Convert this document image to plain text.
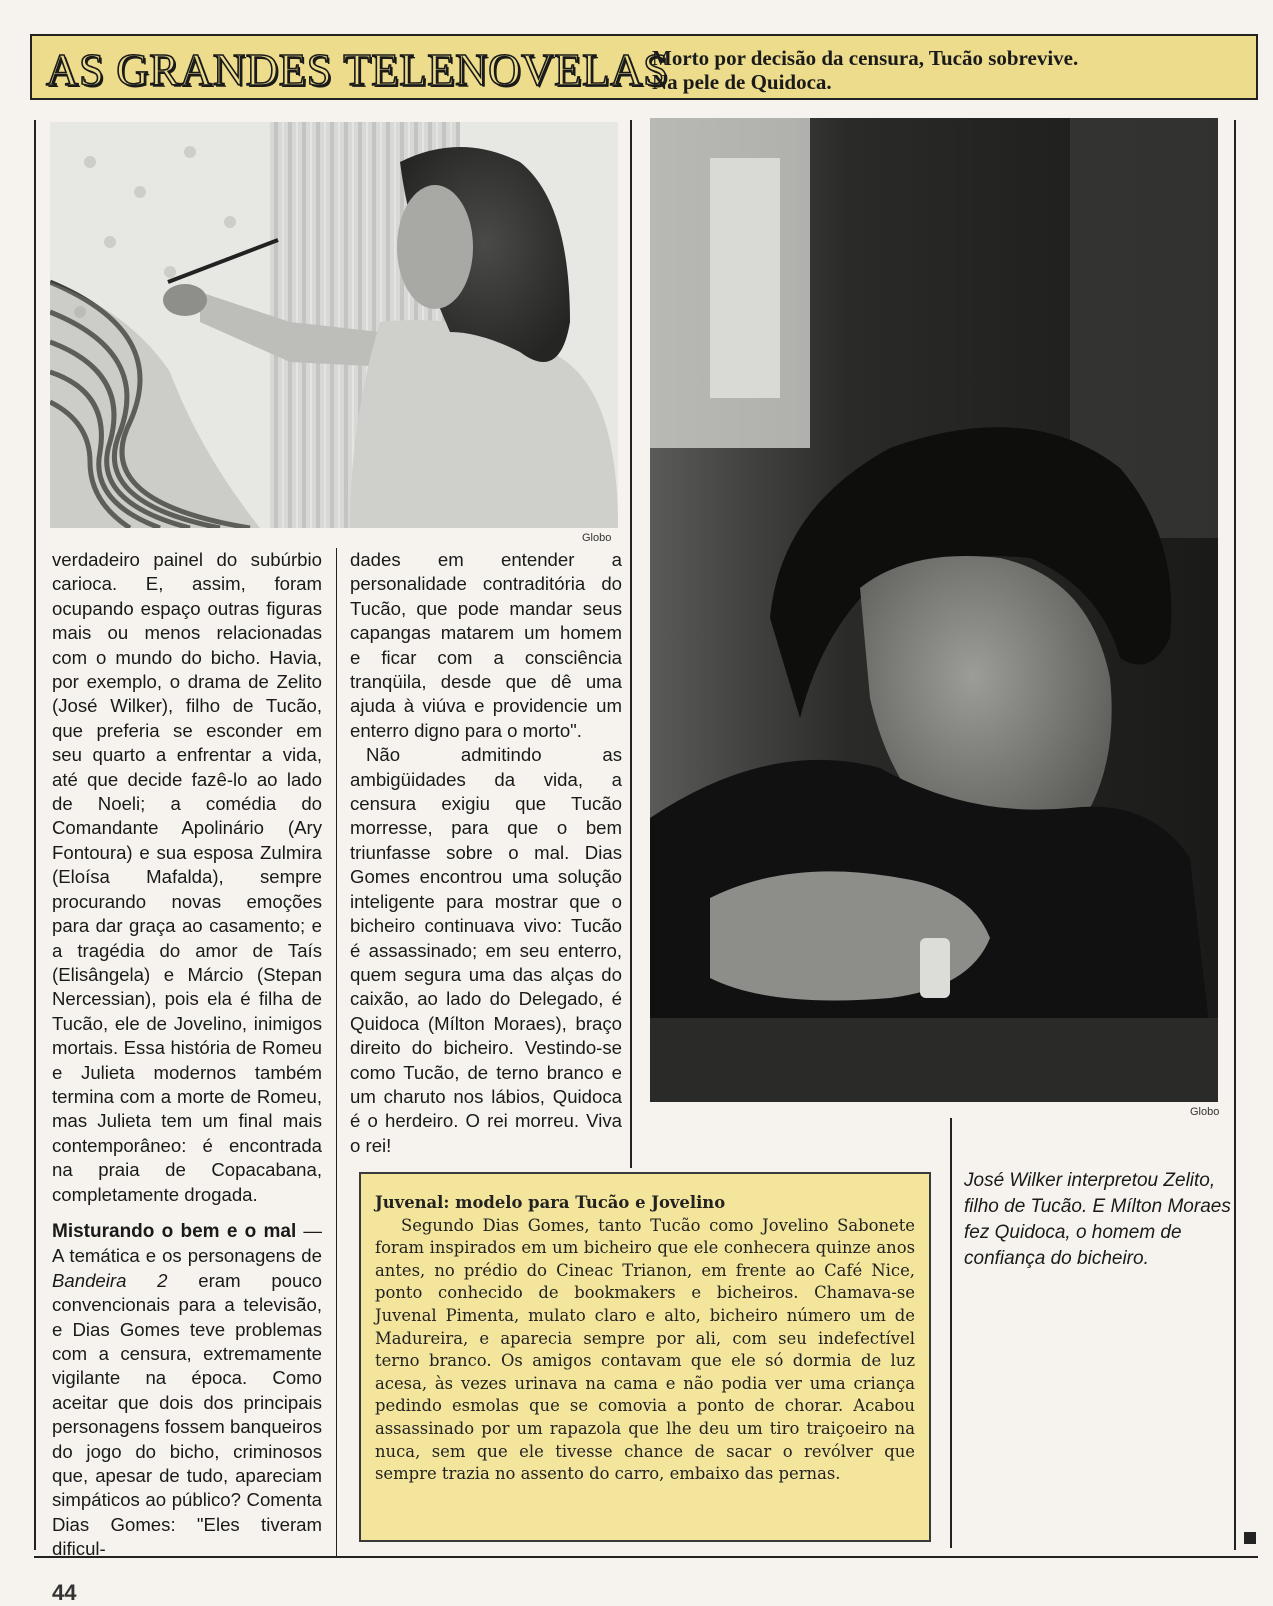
AS GRANDES TELENOVELAS
Morto por decisão da censura, Tucão sobrevive.
Na pele de Quidoca.
Globo
Globo

verdadeiro painel do subúrbio carioca. E, assim, foram ocupando espaço outras figuras mais ou menos relacionadas com o mundo do bicho. Havia, por exemplo, o drama de Zelito (José Wilker), filho de Tucão, que preferia se esconder em seu quarto a enfrentar a vida, até que decide fazê-lo ao lado de Noeli; a comédia do Comandante Apolinário (Ary Fontoura) e sua esposa Zulmira (Eloísa Mafalda), sempre procurando novas emoções para dar graça ao casamento; e a tragédia do amor de Taís (Elisângela) e Márcio (Stepan Nercessian), pois ela é filha de Tucão, ele de Jovelino, inimigos mortais. Essa história de Romeu e Julieta modernos também termina com a morte de Romeu, mas Julieta tem um final mais contemporâneo: é encontrada na praia de Copacabana, completamente drogada.

Misturando o bem e o mal — A temática e os personagens de Bandeira 2 eram pouco convencionais para a televisão, e Dias Gomes teve problemas com a censura, extremamente vigilante na época. Como aceitar que dois dos principais personagens fossem banqueiros do jogo do bicho, criminosos que, apesar de tudo, apareciam simpáticos ao público? Comenta Dias Gomes: "Eles tiveram dificul-

dades em entender a personalidade contraditória do Tucão, que pode mandar seus capangas matarem um homem e ficar com a consciência tranqüila, desde que dê uma ajuda à viúva e providencie um enterro digno para o morto".

Não admitindo as ambigüidades da vida, a censura exigiu que Tucão morresse, para que o bem triunfasse sobre o mal. Dias Gomes encontrou uma solução inteligente para mostrar que o bicheiro continuava vivo: Tucão é assassinado; em seu enterro, quem segura uma das alças do caixão, ao lado do Delegado, é Quidoca (Mílton Moraes), braço direito do bicheiro. Vestindo-se como Tucão, de terno branco e um charuto nos lábios, Quidoca é o herdeiro. O rei morreu. Viva o rei!

Juvenal: modelo para Tucão e Jovelino

Segundo Dias Gomes, tanto Tucão como Jovelino Sabonete foram inspirados em um bicheiro que ele conhecera quinze anos antes, no prédio do Cineac Trianon, em frente ao Café Nice, ponto conhecido de bookmakers e bicheiros. Chamava-se Juvenal Pimenta, mulato claro e alto, bicheiro número um de Madureira, e aparecia sempre por ali, com seu indefectível terno branco. Os amigos contavam que ele só dormia de luz acesa, às vezes urinava na cama e não podia ver uma criança pedindo esmolas que se comovia a ponto de chorar. Acabou assassinado por um rapazola que lhe deu um tiro traiçoeiro na nuca, sem que ele tivesse chance de sacar o revólver que sempre trazia no assento do carro, embaixo das pernas.

José Wilker interpretou Zelito, filho de Tucão. E Mílton Moraes fez Quidoca, o homem de confiança do bicheiro.
44
